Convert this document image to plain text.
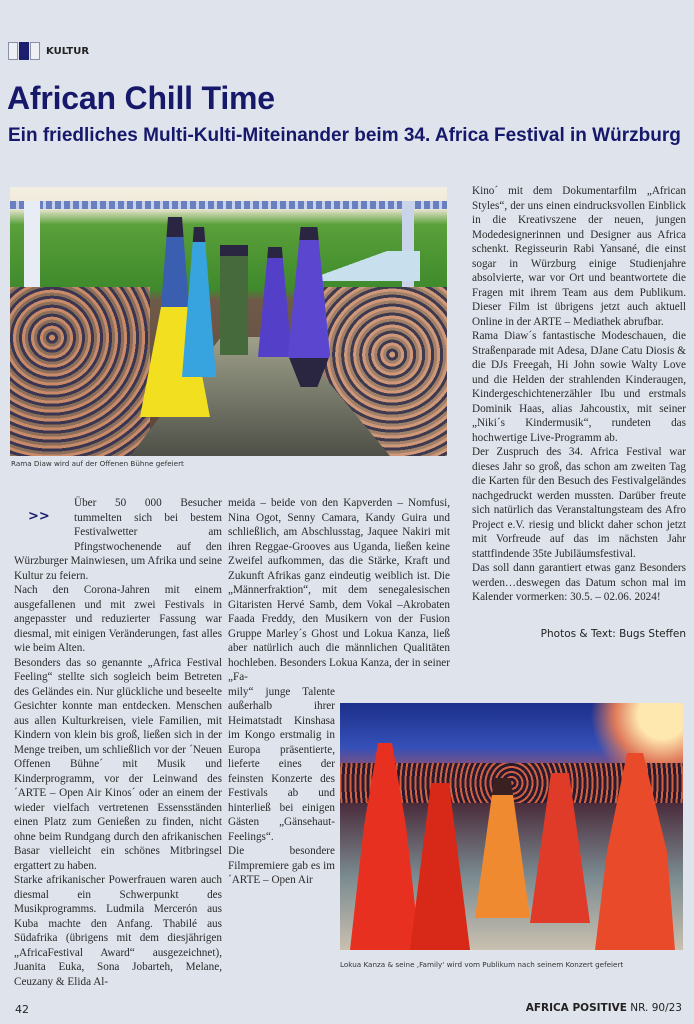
KULTUR
African Chill Time
Ein friedliches Multi-Kulti-Miteinander beim 34. Africa Festival in Würzburg
Rama Diaw wird auf der Offenen Bühne gefeiert
>>

Über 50 000 Besucher tummelten sich bei bestem Festivalwetter am Pfingstwochenende auf den Würzburger Mainwiesen, um Afrika und seine Kultur zu feiern.

Nach den Corona-Jahren mit einem ausgefallenen und mit zwei Festivals in angepasster und reduzierter Fassung war diesmal, mit einigen Veränderungen, fast alles wie beim Alten.

Besonders das so genannte „Africa Festival Feeling“ stellte sich sogleich beim Betreten des Geländes ein. Nur glückliche und beseelte Gesichter konnte man entdecken. Menschen aus allen Kulturkreisen, viele Familien, mit Kindern von klein bis groß, ließen sich in der Menge treiben, um schließlich vor der ´Neuen Offenen Bühne´ mit Musik und Kinderprogramm, vor der Leinwand des ´ARTE – Open Air Kinos´ oder an einem der wieder vielfach vertretenen Essensständen einen Platz zum Genießen zu finden, nicht ohne beim Rundgang durch den afrikanischen Basar vielleicht ein schönes Mitbringsel ergattert zu haben.

Starke afrikanischer Powerfrauen waren auch diesmal ein Schwerpunkt des Musikprogramms. Ludmila Mercerón aus Kuba machte den Anfang. Thabilé aus Südafrika (übrigens mit dem diesjährigen „AfricaFestival Award“ ausgezeichnet), Juanita Euka, Sona Jobarteh, Melane, Ceuzany & Elida Al-

meida – beide von den Kapverden – Nomfusi, Nina Ogot, Senny Camara, Kandy Guira und schließlich, am Abschlusstag, Jaquee Nakiri mit ihren Reggae-Grooves aus Uganda, ließen keine Zweifel aufkommen, das die Stärke, Kraft und Zukunft Afrikas ganz eindeutig weiblich ist. Die „Männerfraktion“, mit dem senegalesischen Gitaristen Hervé Samb, dem Vokal –Akrobaten Faada Freddy, den Musikern von der Fusion Gruppe Marley´s Ghost und Lokua Kanza, ließ aber natürlich auch die männlichen Qualitäten hochleben. Besonders Lokua Kanza, der in seiner „Fa-

mily“ junge Talente außerhalb ihrer Heimatstadt Kinshasa im Kongo erstmalig in Europa präsentierte, lieferte eines der feinsten Konzerte des Festivals ab und hinterließ bei einigen Gästen „Gänsehaut-Feelings“.

Die besondere Filmpremiere gab es im ´ARTE – Open Air

Kino´ mit dem Dokumentarfilm „African Styles“, der uns einen eindrucksvollen Einblick in die Kreativszene der neuen, jungen Modedesignerinnen und Designer aus Africa schenkt. Regisseurin Rabi Yansané, die einst sogar in Würzburg einige Studienjahre absolvierte, war vor Ort und beantwortete die Fragen mit ihrem Team aus dem Publikum. Dieser Film ist übrigens jetzt auch aktuell Online in der ARTE – Mediathek abrufbar.

Rama Diaw´s fantastische Modeschauen, die Straßenparade mit Adesa, DJane Catu Diosis & die DJs Freegah, Hi John sowie Walty Love und die Helden der strahlenden Kinderaugen, Kindergeschichtenerzähler Ibu und erstmals Dominik Haas, alias Jahcoustix, mit seiner „Niki´s Kindermusik“, rundeten das hochwertige Live-Programm ab.

Der Zuspruch des 34. Africa Festival war dieses Jahr so groß, das schon am zweiten Tag die Karten für den Besuch des Festivalgeländes nachgedruckt werden mussten. Darüber freute sich natürlich das Veranstaltungsteam des Afro Project e.V. riesig und blickt daher schon jetzt mit Vorfreude auf das im nächsten Jahr stattfindende 35te Jubiläumsfestival.

Das soll dann garantiert etwas ganz Besonders werden…deswegen das Datum schon mal im Kalender vormerken: 30.5. – 02.06. 2024!

Photos & Text: Bugs Steffen
Lokua Kanza & seine ‚Family‘ wird vom Publikum nach seinem Konzert gefeiert
42	AFRICA POSITIVE NR. 90/23
